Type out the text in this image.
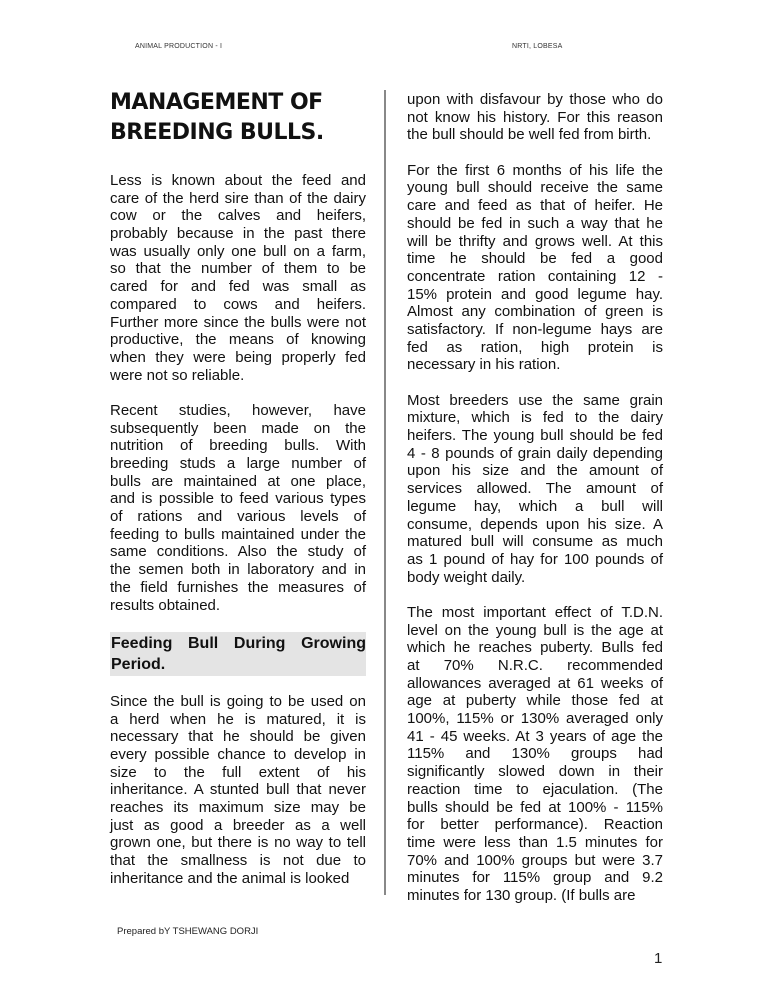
ANIMAL PRODUCTION - I	NRTI, LOBESA
MANAGEMENT OF
BREEDING BULLS.
Less is known about the feed and
care of the herd sire than of the dairy
cow or the calves and heifers,
probably because in the past there
was usually only one bull on a farm,
so that the number of them to be
cared for and fed was small as
compared to cows and heifers.
Further more since the bulls were not
productive, the means of knowing
when they were being properly fed
were not so reliable.
Recent studies, however, have
subsequently been made on the
nutrition of breeding bulls. With
breeding studs a large number of
bulls are maintained at one place,
and is possible to feed various types
of rations and various levels of
feeding to bulls maintained under the
same conditions. Also the study of
the semen both in laboratory and in
the field furnishes the measures of
results obtained.
Feeding Bull During Growing
Period.
Since the bull is going to be used on
a herd when he is matured, it is
necessary that he should be given
every possible chance to develop in
size to the full extent of his
inheritance. A stunted bull that never
reaches its maximum size may be
just as good a breeder as a well
grown one, but there is no way to tell
that the smallness is not due to
inheritance and the animal is looked
upon with disfavour by those who do
not know his history. For this reason
the bull should be well fed from birth.
For the first 6 months of his life the
young bull should receive the same
care and feed as that of heifer. He
should be fed in such a way that he
will be thrifty and grows well. At this
time he should be fed a good
concentrate ration containing 12 -
15% protein and good legume hay.
Almost any combination of green is
satisfactory. If non-legume hays are
fed as ration, high protein is
necessary in his ration.
Most breeders use the same grain
mixture, which is fed to the dairy
heifers. The young bull should be fed
4 - 8 pounds of grain daily depending
upon his size and the amount of
services allowed. The amount of
legume hay, which a bull will
consume, depends upon his size. A
matured bull will consume as much
as 1 pound of hay for 100 pounds of
body weight daily.
The most important effect of T.D.N.
level on the young bull is the age at
which he reaches puberty. Bulls fed
at 70% N.R.C. recommended
allowances averaged at 61 weeks of
age at puberty while those fed at
100%, 115% or 130% averaged only
41 - 45 weeks. At 3 years of age the
115% and 130% groups had
significantly slowed down in their
reaction time to ejaculation. (The
bulls should be fed at 100% - 115%
for better performance). Reaction
time were less than 1.5 minutes for
70% and 100% groups but were 3.7
minutes for 115% group and 9.2
minutes for 130 group. (If bulls are
Prepared bY TSHEWANG DORJI
1
